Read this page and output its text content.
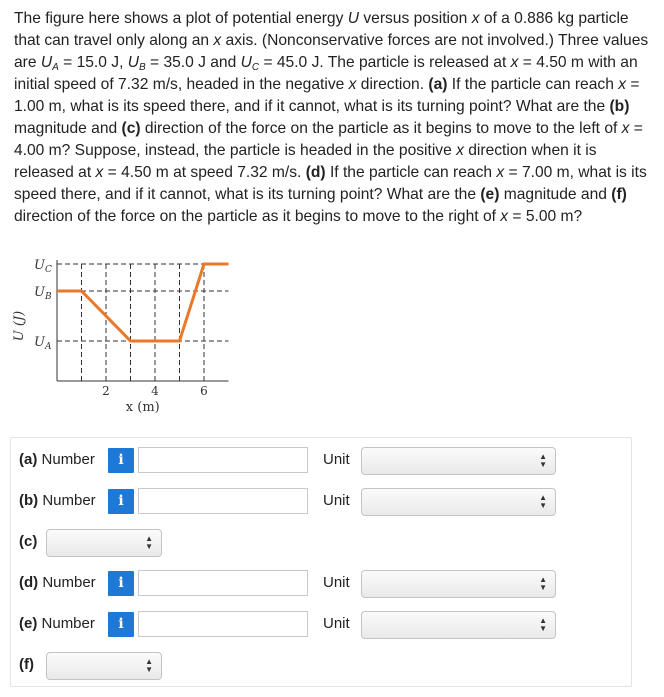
The figure here shows a plot of potential energy U versus position x of a 0.886 kg particle that can travel only along an x axis. (Nonconservative forces are not involved.) Three values are $U_A = 15.0$ J, $U_B = 35.0$ J and $U_C = 45.0$ J. The particle is released at x = 4.50 m with an initial speed of 7.32 m/s, headed in the negative x direction. (a) If the particle can reach x = 1.00 m, what is its speed there, and if it cannot, what is its turning point? What are the (b) magnitude and (c) direction of the force on the particle as it begins to move to the left of x = 4.00 m? Suppose, instead, the particle is headed in the positive x direction when it is released at x = 4.50 m at speed 7.32 m/s. (d) If the particle can reach x = 7.00 m, what is its speed there, and if it cannot, what is its turning point? What are the (e) magnitude and (f) direction of the force on the particle as it begins to move to the right of x = 5.00 m?

$U_C$
$U_B$
$U_A$
2	4	6
x (m)
U (J)
(a) Number	i	Unit	▲
▼
(b) Number	i	Unit	▲
▼
(c)	▲
▼
(d) Number	i	Unit	▲
▼
(e) Number	i	Unit	▲
▼
(f)	▲
▼
